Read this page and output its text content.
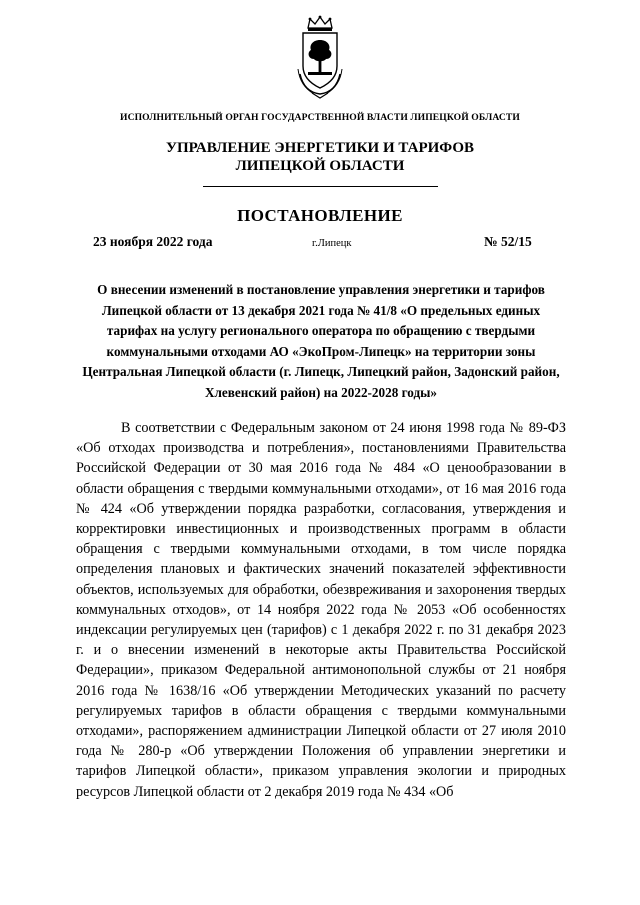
ИСПОЛНИТЕЛЬНЫЙ ОРГАН ГОСУДАРСТВЕННОЙ ВЛАСТИ ЛИПЕЦКОЙ ОБЛАСТИ
УПРАВЛЕНИЕ ЭНЕРГЕТИКИ И ТАРИФОВ
ЛИПЕЦКОЙ ОБЛАСТИ
ПОСТАНОВЛЕНИЕ
23 ноября 2022 года	г.Липецк	№ 52/15
О внесении изменений в постановление управления энергетики и тарифов Липецкой области от 13 декабря 2021 года № 41/8 «О предельных единых тарифах на услугу регионального оператора по обращению с твердыми коммунальными отходами АО «ЭкоПром-Липецк» на территории зоны Центральная Липецкой области (г. Липецк, Липецкий район, Задонский район, Хлевенский район) на 2022-2028 годы»

В соответствии с Федеральным законом от 24 июня 1998 года № 89-ФЗ «Об отходах производства и потребления», постановлениями Правительства Российской Федерации от 30 мая 2016 года № 484 «О ценообразовании в области обращения с твердыми коммунальными отходами», от 16 мая 2016 года № 424 «Об утверждении порядка разработки, согласования, утверждения и корректировки инвестиционных и производственных программ в области обращения с твердыми коммунальными отходами, в том числе порядка определения плановых и фактических значений показателей эффективности объектов, используемых для обработки, обезвреживания и захоронения твердых коммунальных отходов», от 14 ноября 2022 года № 2053 «Об особенностях индексации регулируемых цен (тарифов) с 1 декабря 2022 г. по 31 декабря 2023 г. и о внесении изменений в некоторые акты Правительства Российской Федерации», приказом Федеральной антимонопольной службы от 21 ноября 2016 года № 1638/16 «Об утверждении Методических указаний по расчету регулируемых тарифов в области обращения с твердыми коммунальными отходами», распоряжением администрации Липецкой области от 27 июля 2010 года № 280-р «Об утверждении Положения об управлении энергетики и тарифов Липецкой области», приказом управления экологии и природных ресурсов Липецкой области от 2 декабря 2019 года № 434 «Об
